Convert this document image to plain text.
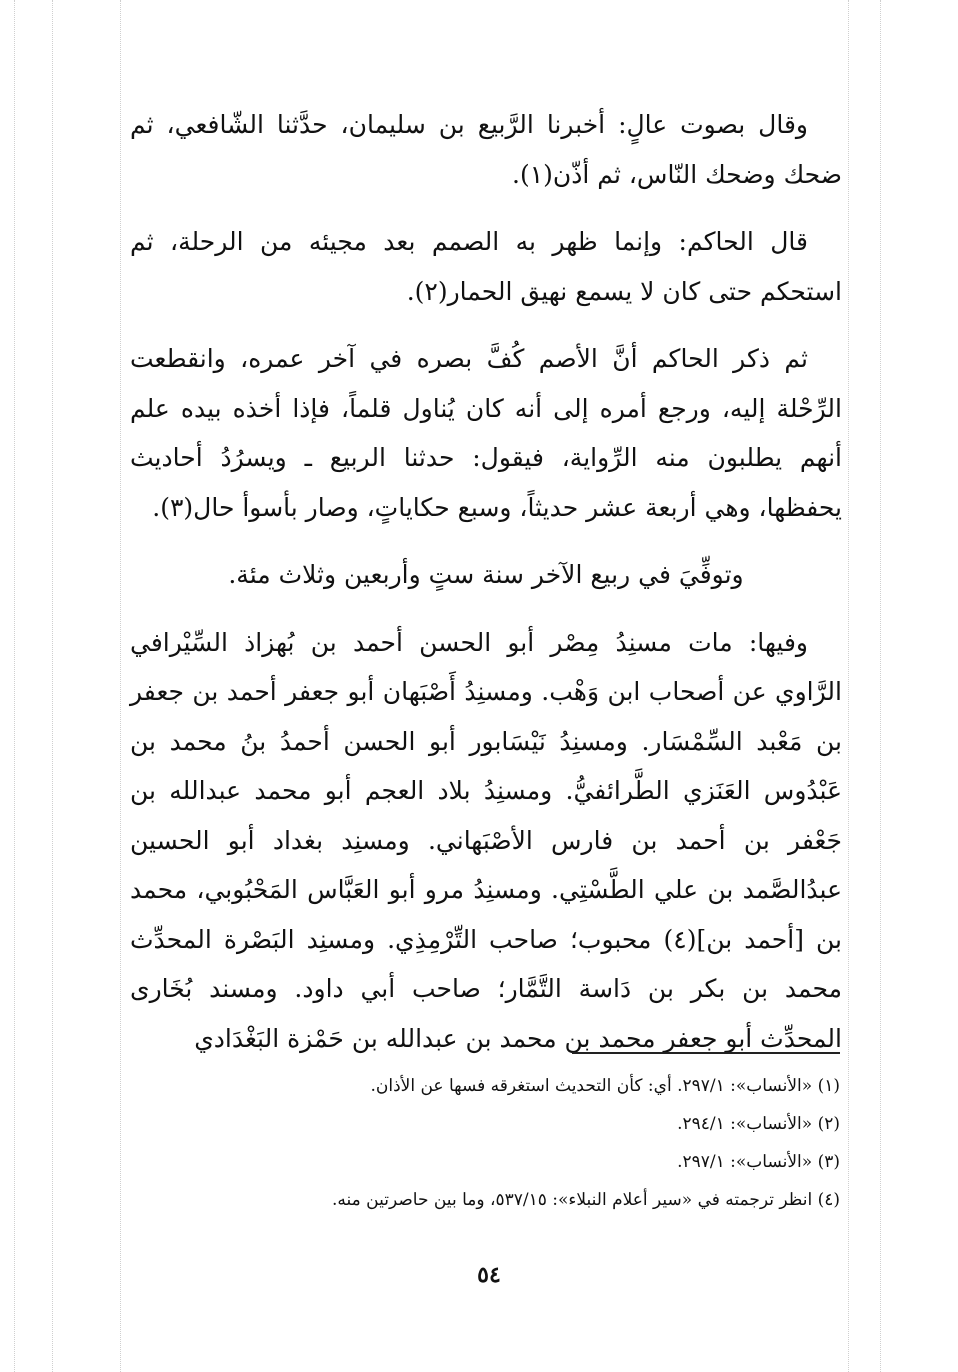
وقال بصوت عالٍ: أخبرنا الرَّبيع بن سليمان، حدَّثنا الشّافعي، ثم ضحك وضحك النّاس، ثم أذّن(١).

قال الحاكم: وإنما ظهر به الصمم بعد مجيئه من الرحلة، ثم استحكم حتى كان لا يسمع نهيق الحمار(٢).

ثم ذكر الحاكم أنَّ الأصم كُفَّ بصره في آخر عمره، وانقطعت الرِّحْلة إليه، ورجع أمره إلى أنه كان يُناول قلماً، فإذا أخذه بيده علم أنهم يطلبون منه الرِّواية، فيقول: حدثنا الربيع ـ ويسرُدُ أحاديث يحفظها، وهي أربعة عشر حديثاً، وسبع حكاياتٍ، وصار بأسوأ حال(٣).

وتوفِّيَ في ربيع الآخر سنة ستٍ وأربعين وثلاث مئة.

وفيها: مات مسنِدُ مِصْر أبو الحسن أحمد بن بُهزاذ السِّيْرافي الرَّاوي عن أصحاب ابن وَهْب. ومسنِدُ أَصْبَهان أبو جعفر أحمد بن جعفر بن مَعْبد السِّمْسَار. ومسنِدُ نَيْسَابور أبو الحسن أحمدُ بنُ محمد بن عَبْدُوس العَنَزي الطَّرائفيُّ. ومسنِدُ بلاد العجم أبو محمد عبدالله بن جَعْفر بن أحمد بن فارس الأصْبَهاني. ومسنِد بغداد أبو الحسين عبدُالصَّمد بن علي الطَّسْتِي. ومسنِدُ مرو أبو العَبَّاس المَحْبُوبي، محمد بن [أحمد بن](٤) محبوب؛ صاحب التِّرْمِذِي. ومسنِد البَصْرة المحدِّث محمد بن بكر بن دَاسة التَّمَّار؛ صاحب أبي داود. ومسند بُخَارى المحدِّث أبو جعفر محمد بن محمد بن عبدالله بن حَمْزة البَغْدَادي

(١) «الأنساب»: ٢٩٧/١. أي: كأن التحديث استغرقه فسها عن الأذان.

(٢) «الأنساب»: ٢٩٤/١.

(٣) «الأنساب»: ٢٩٧/١.

(٤) انظر ترجمته في «سير أعلام النبلاء»: ٥٣٧/١٥، وما بين حاصرتين منه.

٥٤
